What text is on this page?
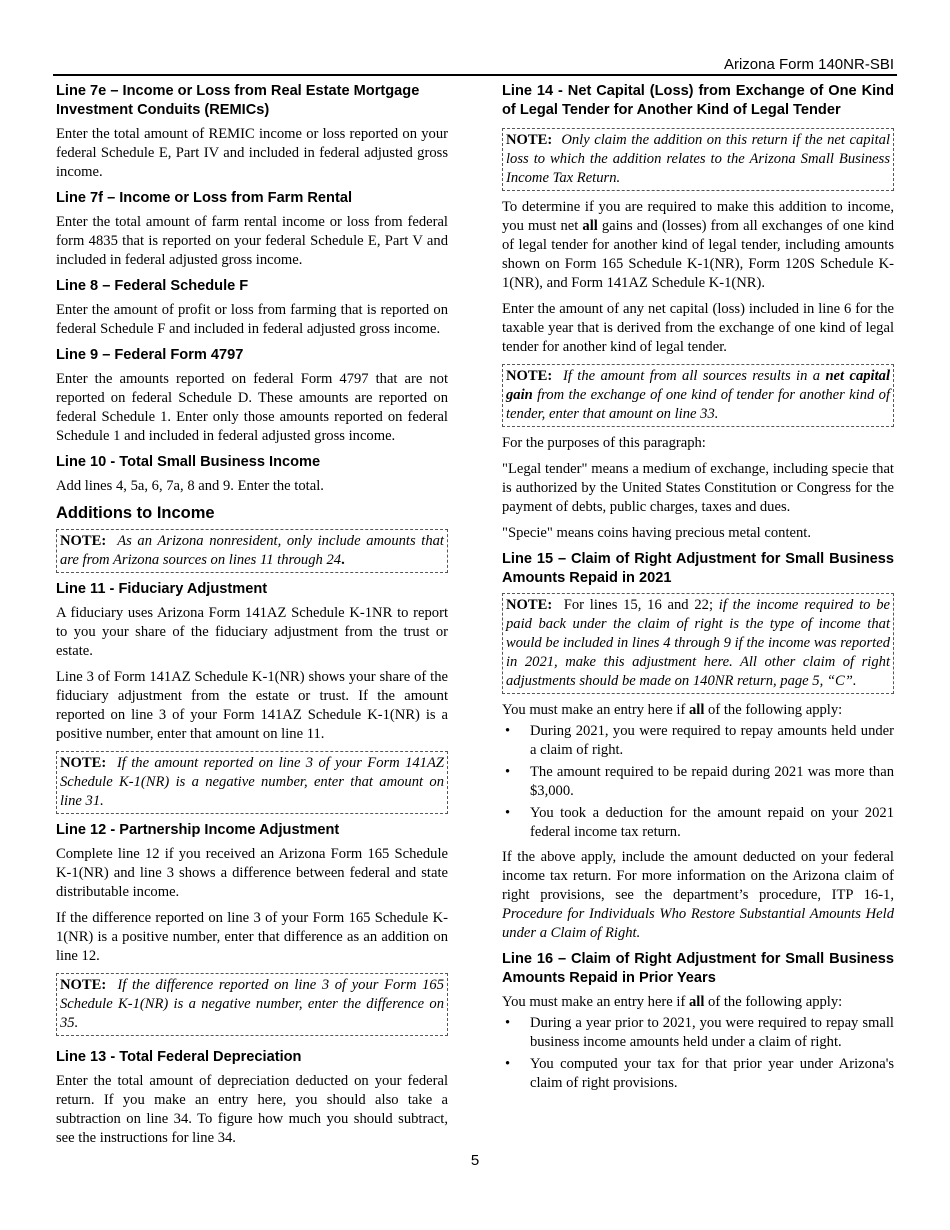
Arizona Form 140NR-SBI
Line 7e – Income or Loss from Real Estate Mortgage Investment Conduits (REMICs)

Enter the total amount of REMIC income or loss reported on your federal Schedule E, Part IV and included in federal adjusted gross income.

Line 7f – Income or Loss from Farm Rental

Enter the total amount of farm rental income or loss from federal form 4835 that is reported on your federal Schedule E, Part V and included in federal adjusted gross income.

Line 8 – Federal Schedule F

Enter the amount of profit or loss from farming that is reported on federal Schedule F and included in federal adjusted gross income.

Line 9 – Federal Form 4797

Enter the amounts reported on federal Form 4797 that are not reported on federal Schedule D. These amounts are reported on federal Schedule 1. Enter only those amounts reported on federal Schedule 1 and included in federal adjusted gross income.

Line 10 - Total Small Business Income

Add lines 4, 5a, 6, 7a, 8 and 9. Enter the total.

Additions to Income
NOTE: As an Arizona nonresident, only include amounts that are from Arizona sources on lines 11 through 24.
Line 11 - Fiduciary Adjustment

A fiduciary uses Arizona Form 141AZ Schedule K-1NR to report to you your share of the fiduciary adjustment from the trust or estate.

Line 3 of Form 141AZ Schedule K-1(NR) shows your share of the fiduciary adjustment from the estate or trust. If the amount reported on line 3 of your Form 141AZ Schedule K-1(NR) is a positive number, enter that amount on line 11.

NOTE: If the amount reported on line 3 of your Form 141AZ Schedule K-1(NR) is a negative number, enter that amount on line 31.
Line 12 - Partnership Income Adjustment

Complete line 12 if you received an Arizona Form 165 Schedule K-1(NR) and line 3 shows a difference between federal and state distributable income.

If the difference reported on line 3 of your Form 165 Schedule K-1(NR) is a positive number, enter that difference as an addition on line 12.

NOTE: If the difference reported on line 3 of your Form 165 Schedule K-1(NR) is a negative number, enter the difference on 35.
Line 13 - Total Federal Depreciation

Enter the total amount of depreciation deducted on your federal return. If you make an entry here, you should also take a subtraction on line 34. To figure how much you should subtract, see the instructions for line 34.

Line 14 - Net Capital (Loss) from Exchange of One Kind of Legal Tender for Another Kind of Legal Tender
NOTE: Only claim the addition on this return if the net capital loss to which the addition relates to the Arizona Small Business Income Tax Return.

To determine if you are required to make this addition to income, you must net all gains and (losses) from all exchanges of one kind of legal tender for another kind of legal tender, including amounts shown on Form 165 Schedule K-1(NR), Form 120S Schedule K-1(NR), and Form 141AZ Schedule K-1(NR).

Enter the amount of any net capital (loss) included in line 6 for the taxable year that is derived from the exchange of one kind of legal tender for another kind of legal tender.

NOTE: If the amount from all sources results in a net capital gain from the exchange of one kind of tender for another kind of tender, enter that amount on line 33.

For the purposes of this paragraph:

"Legal tender" means a medium of exchange, including specie that is authorized by the United States Constitution or Congress for the payment of debts, public charges, taxes and dues.

"Specie" means coins having precious metal content.

Line 15 – Claim of Right Adjustment for Small Business Amounts Repaid in 2021
NOTE: For lines 15, 16 and 22; if the income required to be paid back under the claim of right is the type of income that would be included in lines 4 through 9 if the income was reported in 2021, make this adjustment here. All other claim of right adjustments should be made on 140NR return, page 5, “C”.

You must make an entry here if all of the following apply:

• During 2021, you were required to repay amounts held under a claim of right.
• The amount required to be repaid during 2021 was more than $3,000.
• You took a deduction for the amount repaid on your 2021 federal income tax return.

If the above apply, include the amount deducted on your federal income tax return. For more information on the Arizona claim of right provisions, see the department’s procedure, ITP 16-1, Procedure for Individuals Who Restore Substantial Amounts Held under a Claim of Right.

Line 16 – Claim of Right Adjustment for Small Business Amounts Repaid in Prior Years

You must make an entry here if all of the following apply:

• During a year prior to 2021, you were required to repay small business income amounts held under a claim of right.
• You computed your tax for that prior year under Arizona's claim of right provisions.
5
